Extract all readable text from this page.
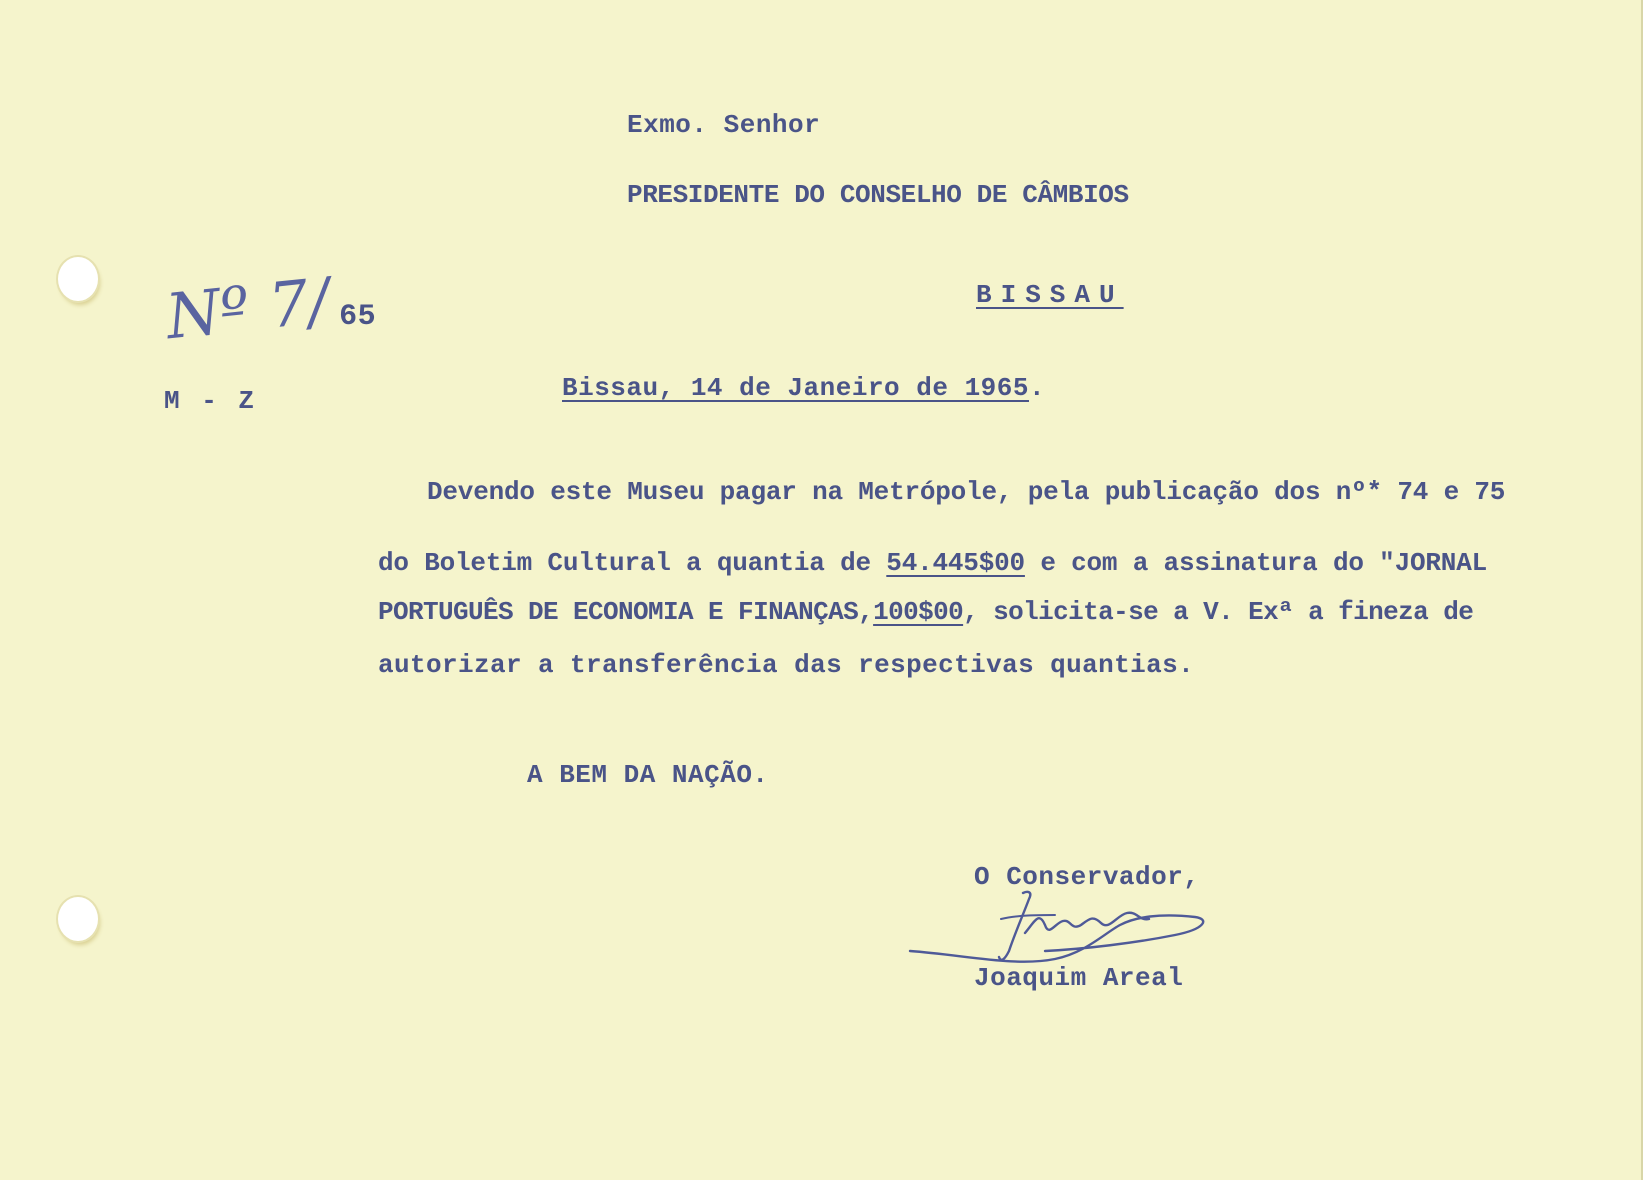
Exmo. Senhor
PRESIDENTE DO CONSELHO DE CÂMBIOS
BISSAU
Nº 7/ 65
M - Z	Bissau, 14 de Janeiro de 1965.
Devendo este Museu pagar na Metrópole, pela publicação dos nº* 74 e 75
do Boletim Cultural a quantia de 54.445$00 e com a assinatura do "JORNAL
PORTUGUÊS DE ECONOMIA E FINANÇAS,100$00, solicita-se a V. Exª a fineza de
autorizar a transferência das respectivas quantias.
A BEM DA NAÇÃO.
O Conservador,
Joaquim Areal
